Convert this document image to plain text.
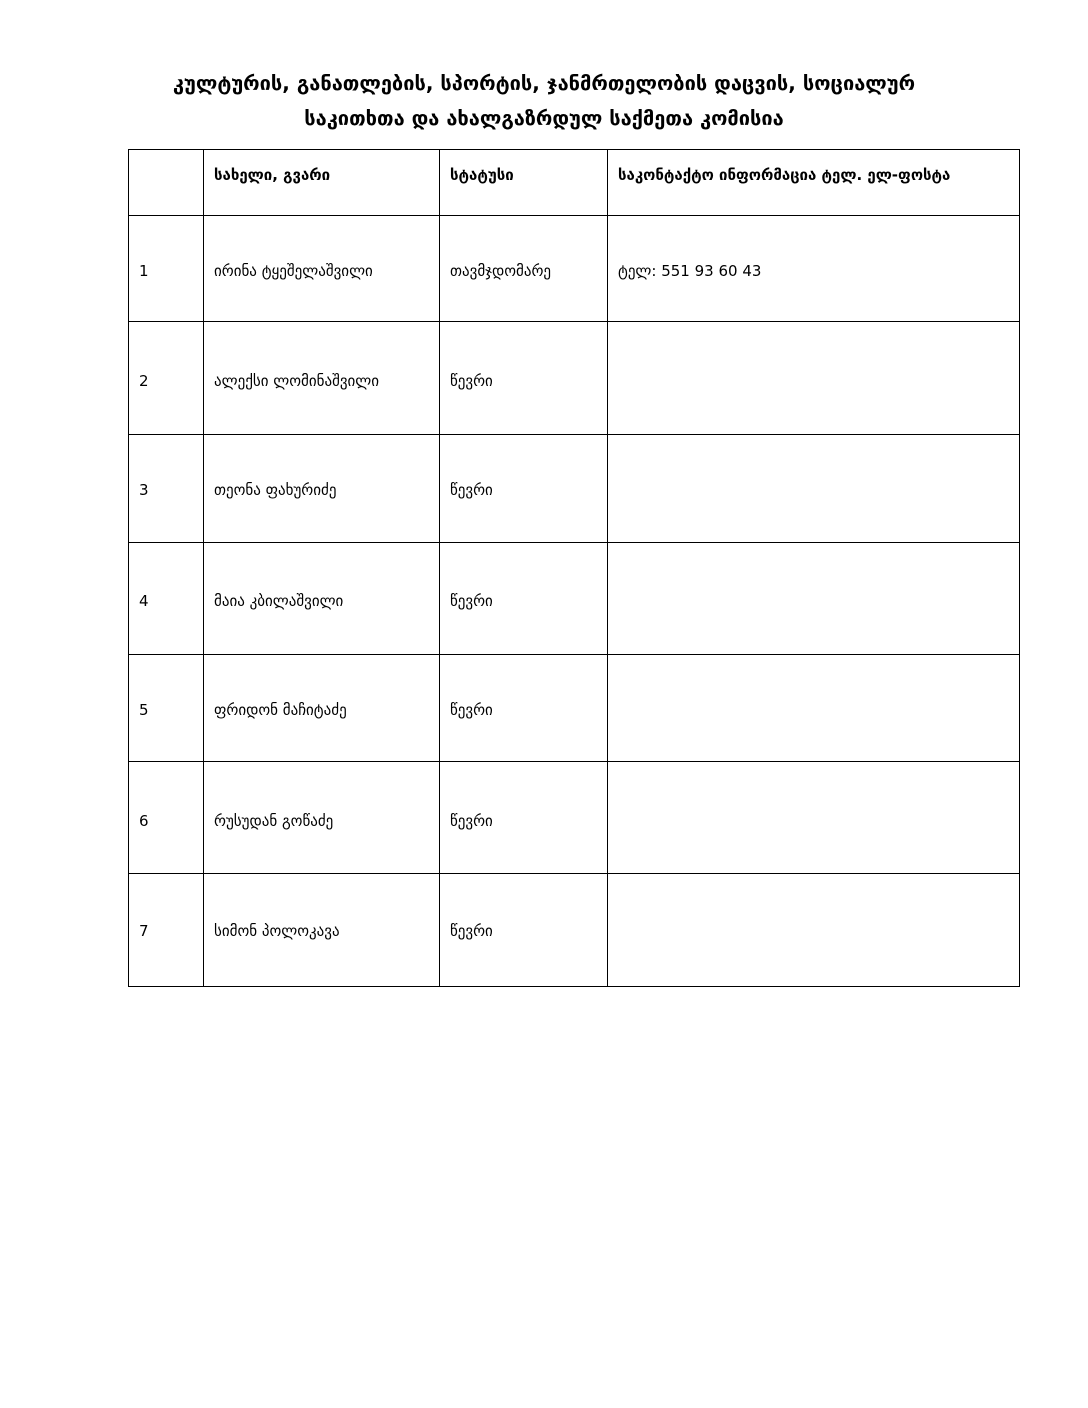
კულტურის, განათლების, სპორტის, ჯანმრთელობის დაცვის, სოციალურ
საკითხთა და ახალგაზრდულ საქმეთა კომისია
	სახელი, გვარი	სტატუსი	საკონტაქტო ინფორმაცია ტელ. ელ-ფოსტა
1	ირინა ტყეშელაშვილი	თავმჯდომარე	ტელ: 551 93 60 43
2	ალექსი ლომინაშვილი	წევრი	
3	თეონა ფახურიძე	წევრი	
4	მაია კბილაშვილი	წევრი	
5	ფრიდონ მაჩიტაძე	წევრი	
6	რუსუდან გოწაძე	წევრი	
7	სიმონ პოლოკავა	წევრი	
